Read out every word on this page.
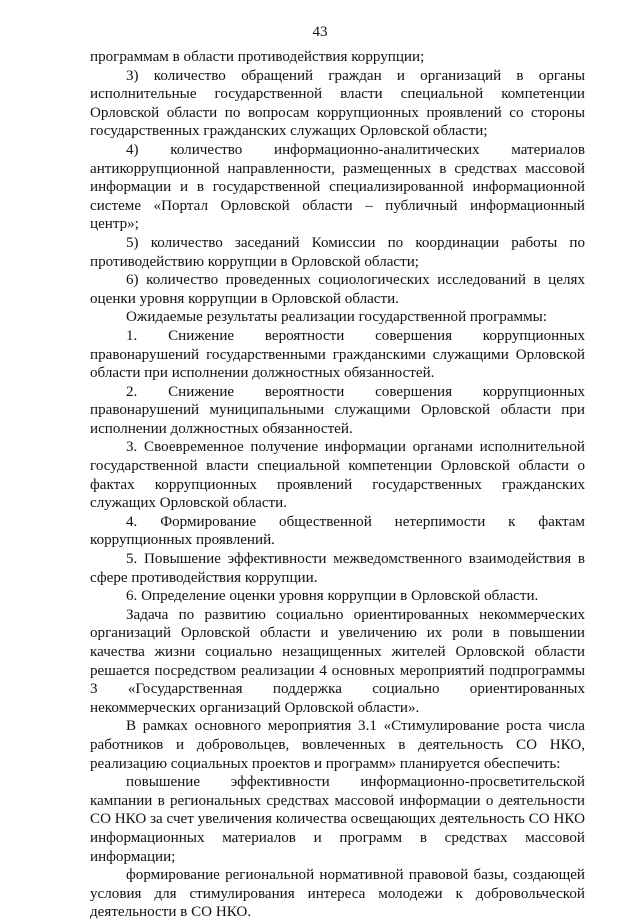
43

программам в области противодействия коррупции;

3) количество обращений граждан и организаций в органы исполнительные государственной власти специальной компетенции Орловской области по вопросам коррупционных проявлений со стороны государственных гражданских служащих Орловской области;

4) количество информационно-аналитических материалов антикоррупционной направленности, размещенных в средствах массовой информации и в государственной специализированной информационной системе «Портал Орловской области – публичный информационный центр»;

5) количество заседаний Комиссии по координации работы по противодействию коррупции в Орловской области;

6) количество проведенных социологических исследований в целях оценки уровня коррупции в Орловской области.

Ожидаемые результаты реализации государственной программы:

1. Снижение вероятности совершения коррупционных правонарушений государственными гражданскими служащими Орловской области при исполнении должностных обязанностей.

2. Снижение вероятности совершения коррупционных правонарушений муниципальными служащими Орловской области при исполнении должностных обязанностей.

3. Своевременное получение информации органами исполнительной государственной власти специальной компетенции Орловской области о фактах коррупционных проявлений государственных гражданских служащих Орловской области.

4. Формирование общественной нетерпимости к фактам коррупционных проявлений.

5. Повышение эффективности межведомственного взаимодействия в сфере противодействия коррупции.

6. Определение оценки уровня коррупции в Орловской области.

Задача по развитию социально ориентированных некоммерческих организаций Орловской области и увеличению их роли в повышении качества жизни социально незащищенных жителей Орловской области решается посредством реализации 4 основных мероприятий подпрограммы 3 «Государственная поддержка социально ориентированных некоммерческих организаций Орловской области».

В рамках основного мероприятия 3.1 «Стимулирование роста числа работников и добровольцев, вовлеченных в деятельность СО НКО, реализацию социальных проектов и программ» планируется обеспечить:

повышение эффективности информационно-просветительской кампании в региональных средствах массовой информации о деятельности СО НКО за счет увеличения количества освещающих деятельность СО НКО информационных материалов и программ в средствах массовой информации;

формирование региональной нормативной правовой базы, создающей условия для стимулирования интереса молодежи к добровольческой деятельности в СО НКО.
